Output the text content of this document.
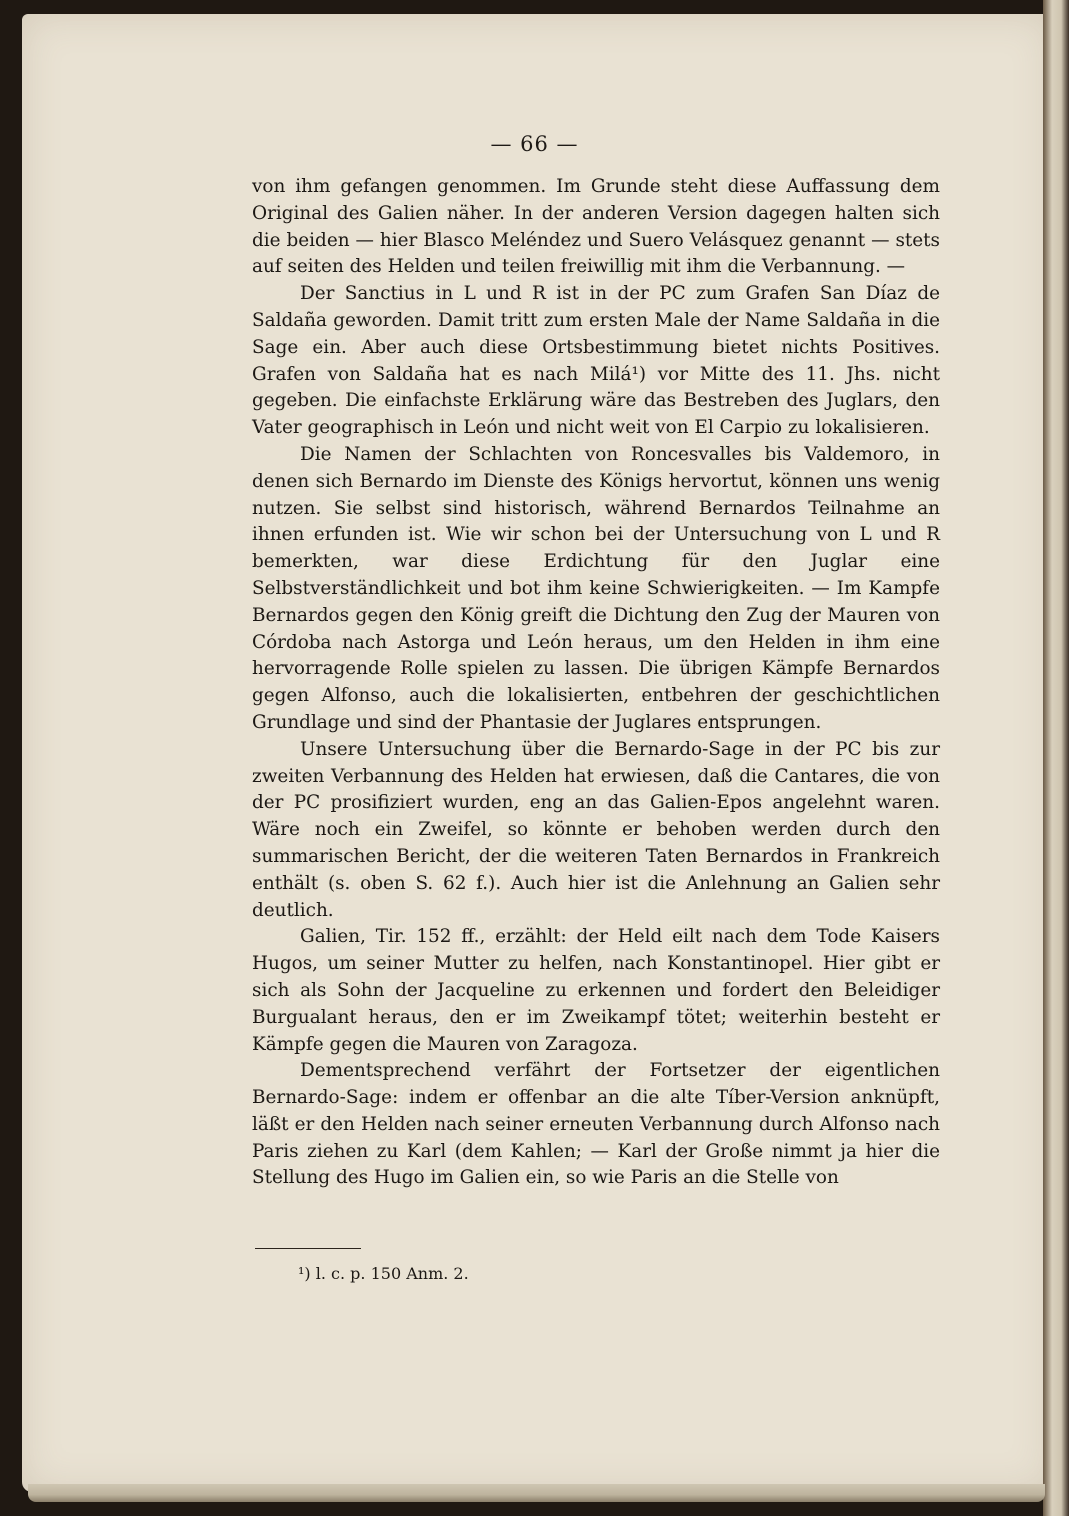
— 66 —

von ihm gefangen genommen. Im Grunde steht diese Auffassung dem Original des Galien näher. In der anderen Version dagegen halten sich die beiden — hier Blasco Meléndez und Suero Velásquez genannt — stets auf seiten des Helden und teilen freiwillig mit ihm die Verbannung. —

Der Sanctius in L und R ist in der PC zum Grafen San Díaz de Saldaña geworden. Damit tritt zum ersten Male der Name Saldaña in die Sage ein. Aber auch diese Ortsbestimmung bietet nichts Positives. Grafen von Saldaña hat es nach Milá¹) vor Mitte des 11. Jhs. nicht gegeben. Die einfachste Erklärung wäre das Bestreben des Juglars, den Vater geographisch in León und nicht weit von El Carpio zu lokalisieren.

Die Namen der Schlachten von Roncesvalles bis Valdemoro, in denen sich Bernardo im Dienste des Königs hervortut, können uns wenig nutzen. Sie selbst sind historisch, während Bernardos Teilnahme an ihnen erfunden ist. Wie wir schon bei der Untersuchung von L und R bemerkten, war diese Erdichtung für den Juglar eine Selbstverständlichkeit und bot ihm keine Schwierigkeiten. — Im Kampfe Bernardos gegen den König greift die Dichtung den Zug der Mauren von Córdoba nach Astorga und León heraus, um den Helden in ihm eine hervorragende Rolle spielen zu lassen. Die übrigen Kämpfe Bernardos gegen Alfonso, auch die lokalisierten, entbehren der geschichtlichen Grundlage und sind der Phantasie der Juglares entsprungen.

Unsere Untersuchung über die Bernardo-Sage in der PC bis zur zweiten Verbannung des Helden hat erwiesen, daß die Cantares, die von der PC prosifiziert wurden, eng an das Galien-Epos angelehnt waren. Wäre noch ein Zweifel, so könnte er behoben werden durch den summarischen Bericht, der die weiteren Taten Bernardos in Frankreich enthält (s. oben S. 62 f.). Auch hier ist die Anlehnung an Galien sehr deutlich.

Galien, Tir. 152 ff., erzählt: der Held eilt nach dem Tode Kaisers Hugos, um seiner Mutter zu helfen, nach Konstantinopel. Hier gibt er sich als Sohn der Jacqueline zu erkennen und fordert den Beleidiger Burgualant heraus, den er im Zweikampf tötet; weiterhin besteht er Kämpfe gegen die Mauren von Zaragoza.

Dementsprechend verfährt der Fortsetzer der eigentlichen Bernardo-Sage: indem er offenbar an die alte Tíber-Version anknüpft, läßt er den Helden nach seiner erneuten Verbannung durch Alfonso nach Paris ziehen zu Karl (dem Kahlen; — Karl der Große nimmt ja hier die Stellung des Hugo im Galien ein, so wie Paris an die Stelle von

¹) l. c. p. 150 Anm. 2.
